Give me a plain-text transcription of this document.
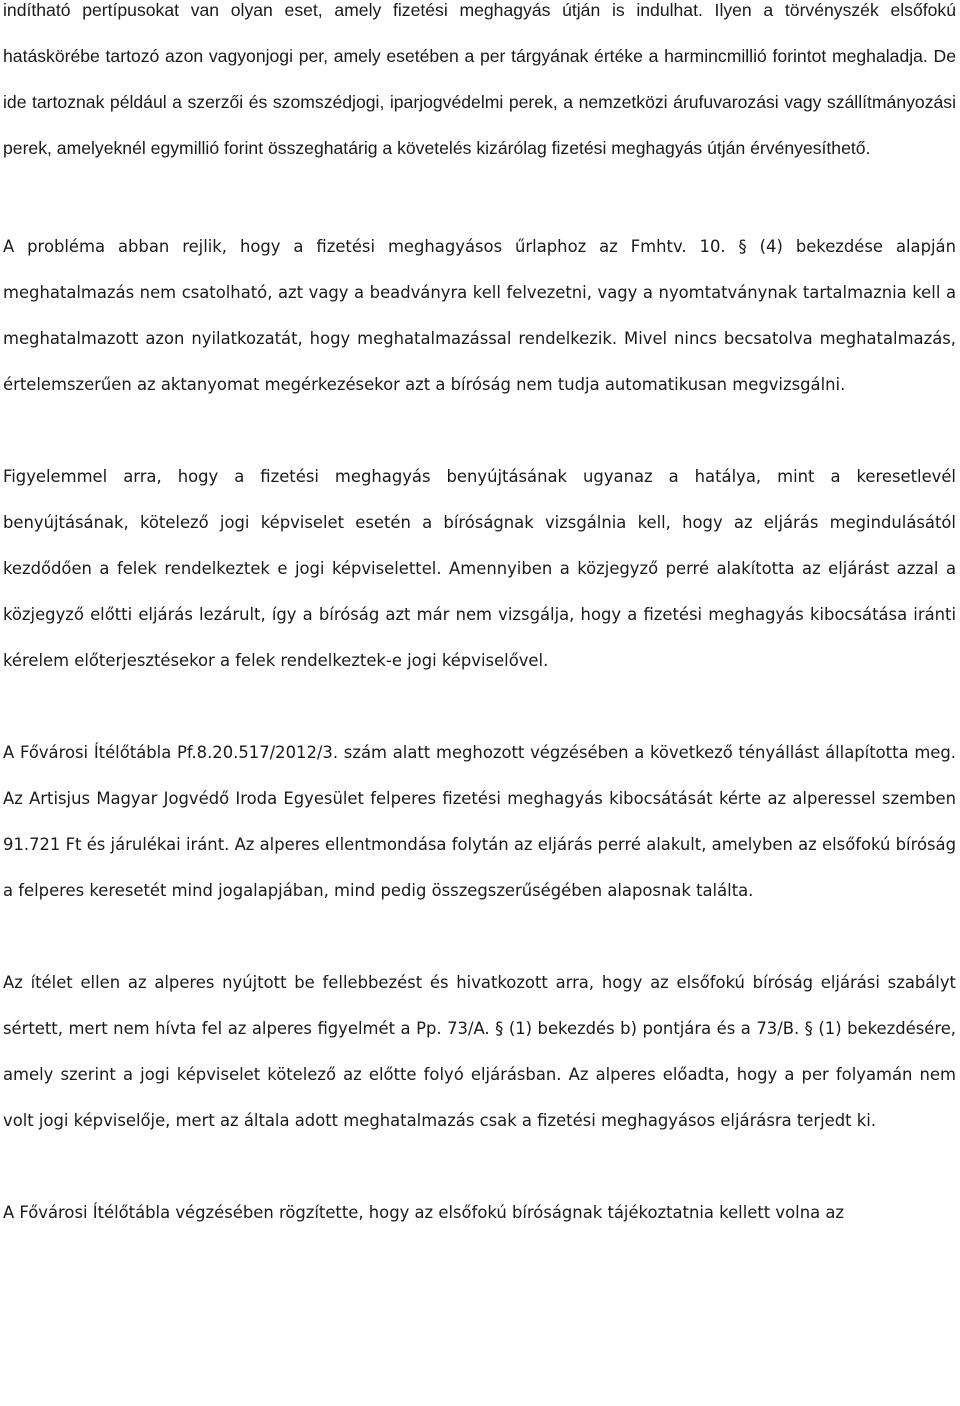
indítható pertípusokat van olyan eset, amely fizetési meghagyás útján is indulhat. Ilyen a törvényszék elsőfokú hatáskörébe tartozó azon vagyonjogi per, amely esetében a per tárgyának értéke a harmincmillió forintot meghaladja. De ide tartoznak például a szerzői és szomszédjogi, iparjogvédelmi perek, a nemzetközi árufuvarozási vagy szállítmányozási perek, amelyeknél egymillió forint összeghatárig a követelés kizárólag fizetési meghagyás útján érvényesíthető.

A probléma abban rejlik, hogy a fizetési meghagyásos űrlaphoz az Fmhtv. 10. § (4) bekezdése alapján meghatalmazás nem csatolható, azt vagy a beadványra kell felvezetni, vagy a nyomtatványnak tartalmaznia kell a meghatalmazott azon nyilatkozatát, hogy meghatalmazással rendelkezik. Mivel nincs becsatolva meghatalmazás, értelemszerűen az aktanyomat megérkezésekor azt a bíróság nem tudja automatikusan megvizsgálni.

Figyelemmel arra, hogy a fizetési meghagyás benyújtásának ugyanaz a hatálya, mint a keresetlevél benyújtásának, kötelező jogi képviselet esetén a bíróságnak vizsgálnia kell, hogy az eljárás megindulásától kezdődően a felek rendelkeztek e jogi képviselettel. Amennyiben a közjegyző perré alakította az eljárást azzal a közjegyző előtti eljárás lezárult, így a bíróság azt már nem vizsgálja, hogy a fizetési meghagyás kibocsátása iránti kérelem előterjesztésekor a felek rendelkeztek-e jogi képviselővel.

A Fővárosi Ítélőtábla Pf.8.20.517/2012/3. szám alatt meghozott végzésében a következő tényállást állapította meg. Az Artisjus Magyar Jogvédő Iroda Egyesület felperes fizetési meghagyás kibocsátását kérte az alperessel szemben 91.721 Ft és járulékai iránt. Az alperes ellentmondása folytán az eljárás perré alakult, amelyben az elsőfokú bíróság a felperes keresetét mind jogalapjában, mind pedig összegszerűségében alaposnak találta.

Az ítélet ellen az alperes nyújtott be fellebbezést és hivatkozott arra, hogy az elsőfokú bíróság eljárási szabályt sértett, mert nem hívta fel az alperes figyelmét a Pp. 73/A. § (1) bekezdés b) pontjára és a 73/B. § (1) bekezdésére, amely szerint a jogi képviselet kötelező az előtte folyó eljárásban. Az alperes előadta, hogy a per folyamán nem volt jogi képviselője, mert az általa adott meghatalmazás csak a fizetési meghagyásos eljárásra terjedt ki.

A Fővárosi Ítélőtábla végzésében rögzítette, hogy az elsőfokú bíróságnak tájékoztatnia kellett volna az
